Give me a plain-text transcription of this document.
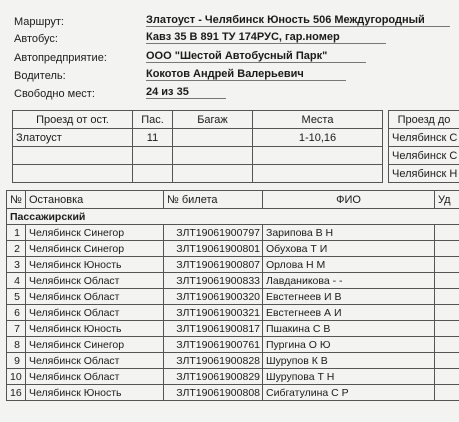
Маршрут:	Златоуст - Челябинск Юность 506 Междугородный
Автобус:	Кавз 35 В 891 ТУ 174РУС, гар.номер
Автопредприятие:	ООО "Шестой Автобусный Парк"
Водитель:	Кокотов Андрей Валерьевич
Свободно мест:	24 из 35
Проезд от ост.	Пас.	Багаж	Места
Златоуст	11		1-10,16

Проезд до
Челябинск С
Челябинск С
Челябинск Н
№	Остановка	№ билета	ФИО	Уд
Пассажирский				
1	Челябинск Синегор	ЗЛТ19061900797	Зарипова В Н	
2	Челябинск Синегор	ЗЛТ19061900801	Обухова Т И	
3	Челябинск Юность	ЗЛТ19061900807	Орлова Н М	
4	Челябинск Област	ЗЛТ19061900833	Лавданикова - -	
5	Челябинск Област	ЗЛТ19061900320	Евстегнеев И В	
6	Челябинск Област	ЗЛТ19061900321	Евстегнеев А И	
7	Челябинск Юность	ЗЛТ19061900817	Пшакина С В	
8	Челябинск Синегор	ЗЛТ19061900761	Пургина О Ю	
9	Челябинск Област	ЗЛТ19061900828	Шурупов К В	
10	Челябинск Област	ЗЛТ19061900829	Шурупова Т Н	
16	Челябинск Юность	ЗЛТ19061900808	Сибгатулина С Р	
